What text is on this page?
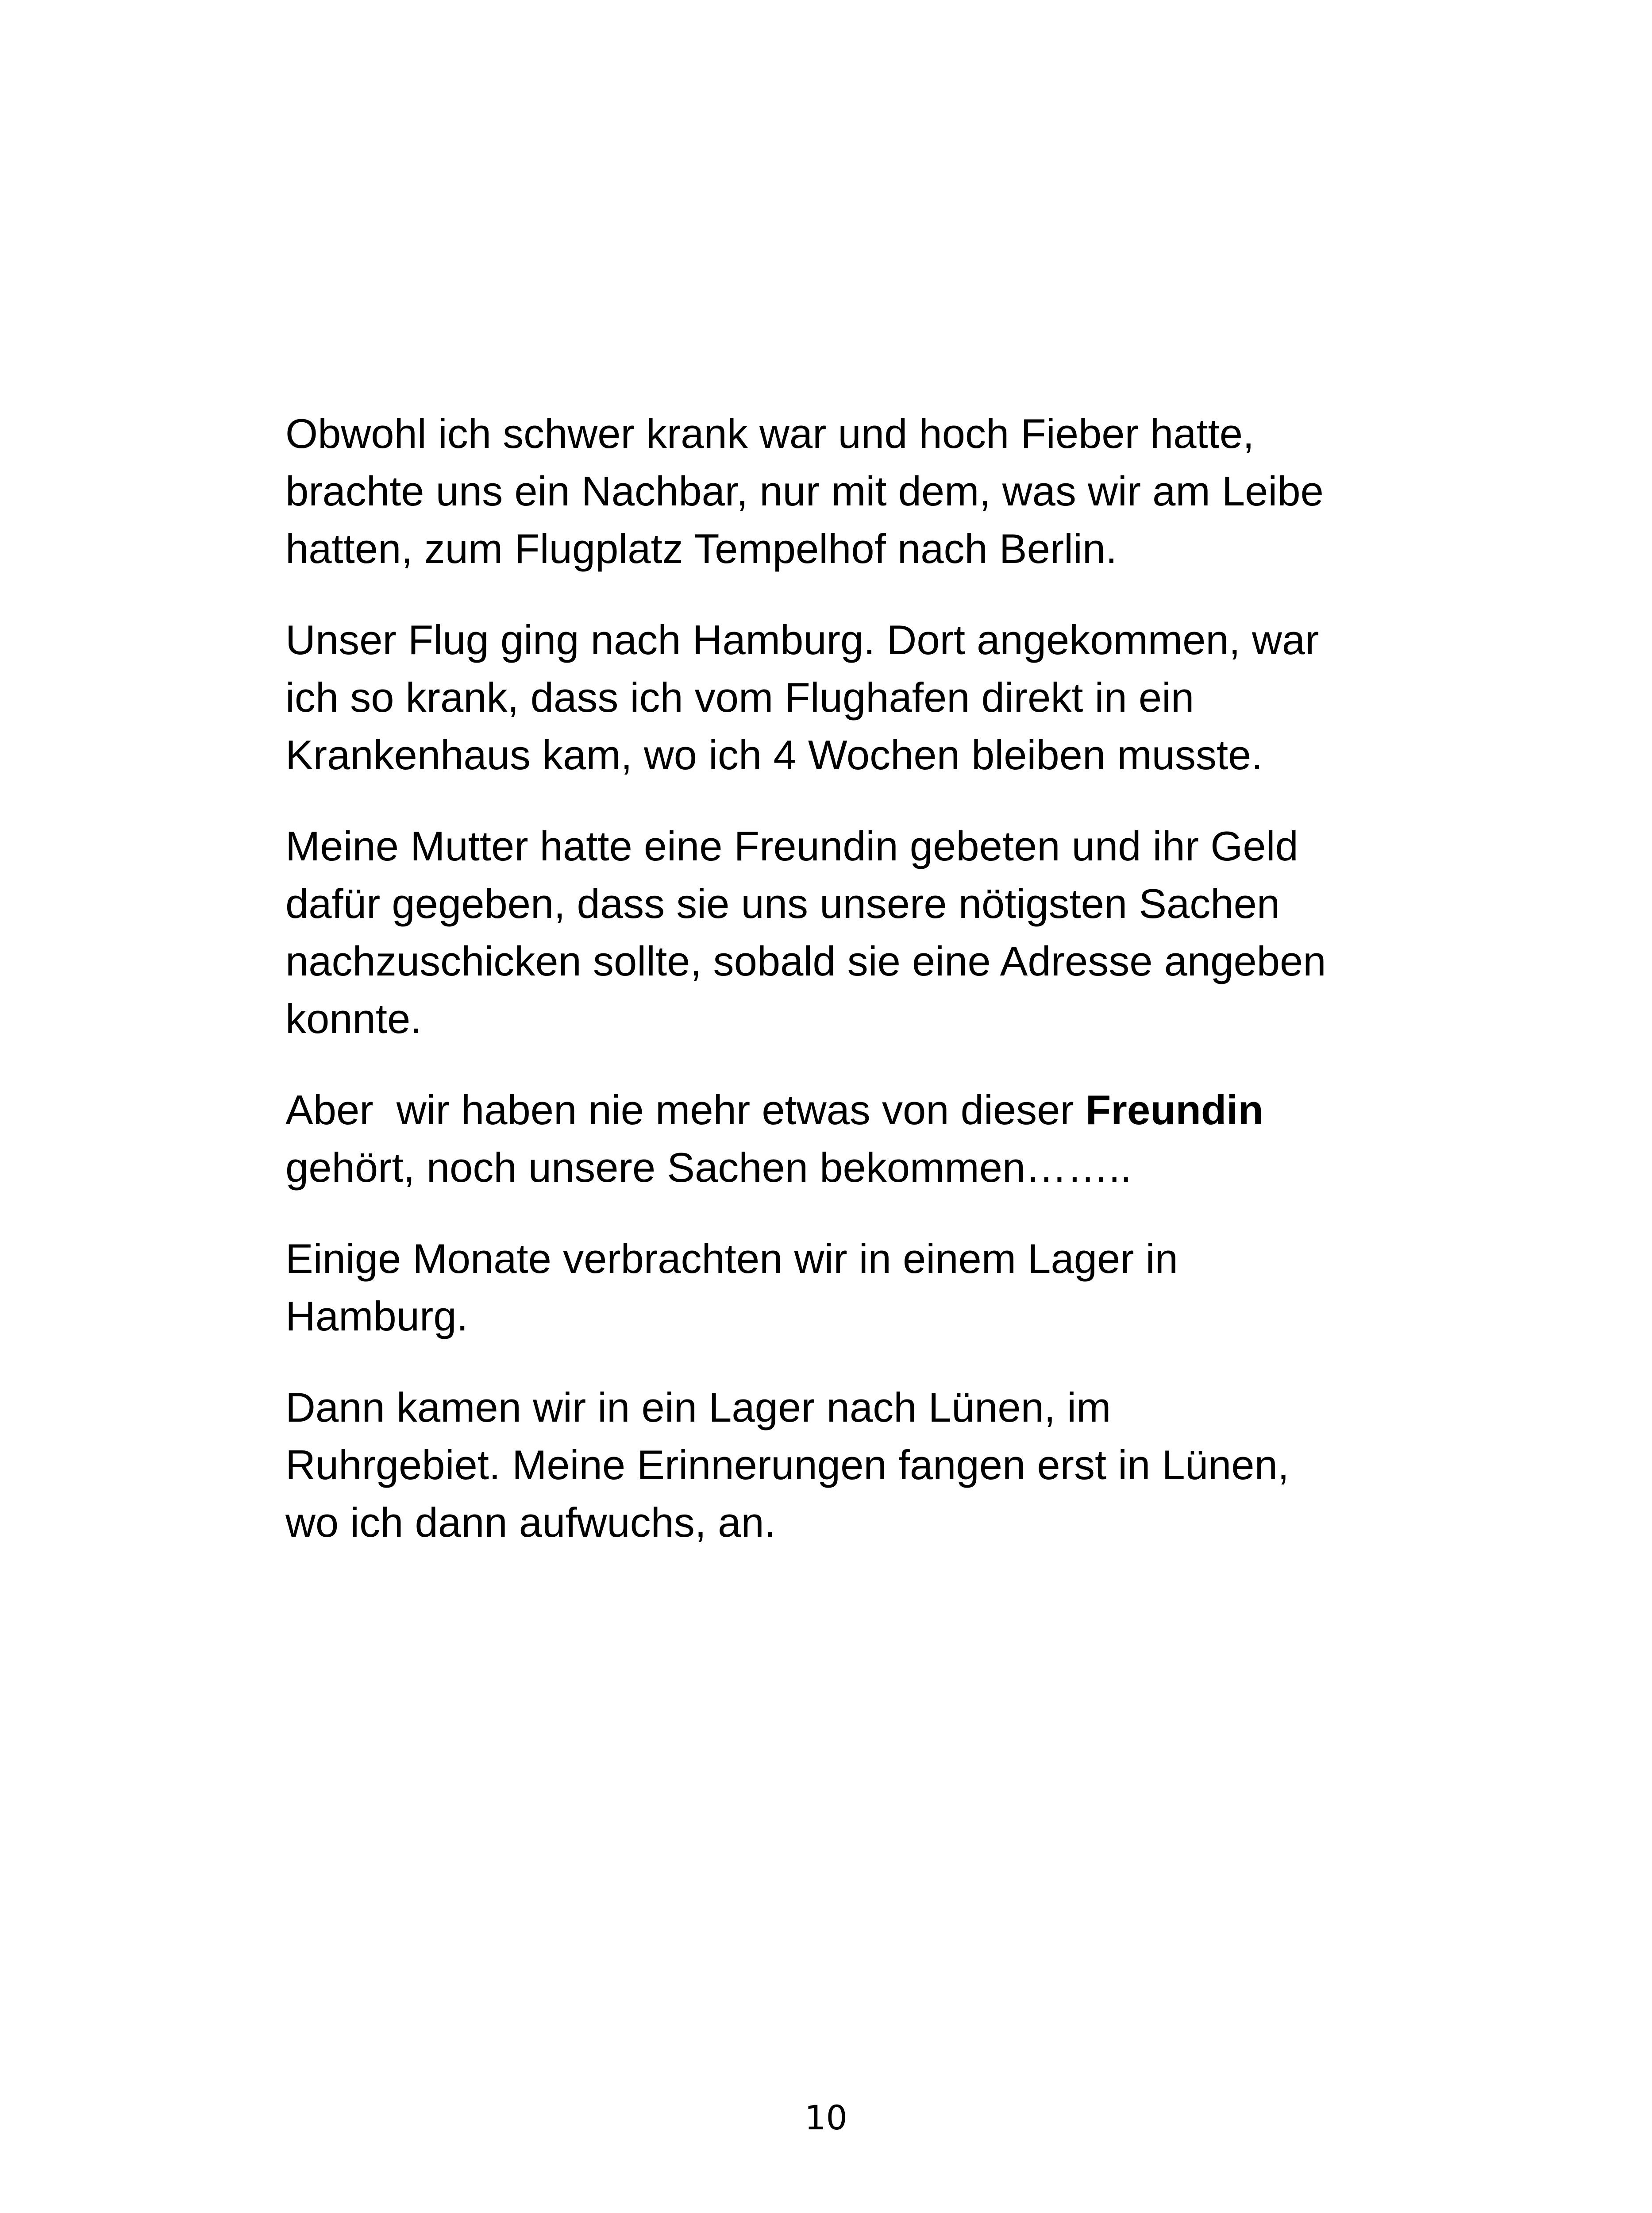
Obwohl ich schwer krank war und hoch Fieber hatte,
brachte uns ein Nachbar, nur mit dem, was wir am Leibe
hatten, zum Flugplatz Tempelhof nach Berlin.

Unser Flug ging nach Hamburg. Dort angekommen, war
ich so krank, dass ich vom Flughafen direkt in ein
Krankenhaus kam, wo ich 4 Wochen bleiben musste.

Meine Mutter hatte eine Freundin gebeten und ihr Geld
dafür gegeben, dass sie uns unsere nötigsten Sachen
nachzuschicken sollte, sobald sie eine Adresse angeben
konnte.

Aber  wir haben nie mehr etwas von dieser Freundin
gehört, noch unsere Sachen bekommen……..

Einige Monate verbrachten wir in einem Lager in
Hamburg.

Dann kamen wir in ein Lager nach Lünen, im
Ruhrgebiet. Meine Erinnerungen fangen erst in Lünen,
wo ich dann aufwuchs, an.

10
